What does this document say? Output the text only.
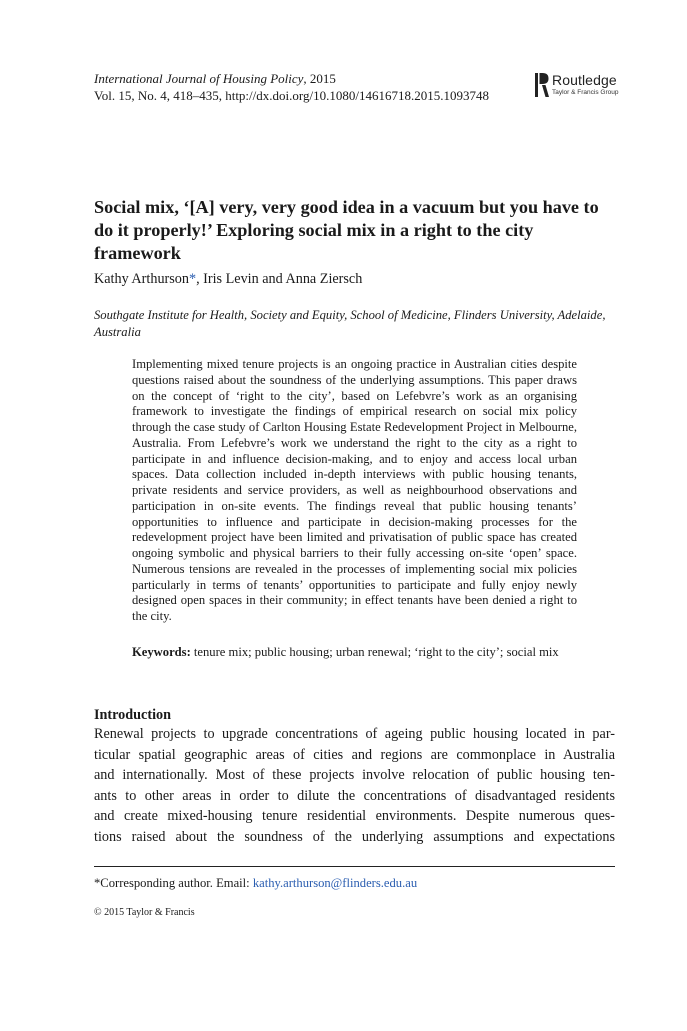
International Journal of Housing Policy, 2015
Vol. 15, No. 4, 418–435, http://dx.doi.org/10.1080/14616718.2015.1093748
Routledge
Taylor & Francis Group
Social mix, ‘[A] very, very good idea in a vacuum but you have to do it properly!’ Exploring social mix in a right to the city framework
Kathy Arthurson*, Iris Levin and Anna Ziersch
Southgate Institute for Health, Society and Equity, School of Medicine, Flinders University, Adelaide, Australia
Implementing mixed tenure projects is an ongoing practice in Australian cities despite questions raised about the soundness of the underlying assumptions. This paper draws on the concept of ‘right to the city’, based on Lefebvre’s work as an organising framework to investigate the findings of empirical research on social mix policy through the case study of Carlton Housing Estate Redevelopment Project in Melbourne, Australia. From Lefebvre’s work we understand the right to the city as a right to participate in and influence decision-making, and to enjoy and access local urban spaces. Data collection included in-depth interviews with public housing tenants, private residents and service providers, as well as neighbourhood observations and participation in on-site events. The findings reveal that public housing tenants’ opportunities to influence and participate in decision-making processes for the redevelopment project have been limited and privatisation of public space has created ongoing symbolic and physical barriers to their fully accessing on-site ‘open’ space. Numerous tensions are revealed in the processes of implementing social mix policies particularly in terms of tenants’ opportunities to participate and fully enjoy newly designed open spaces in their community; in effect tenants have been denied a right to the city.
Keywords: tenure mix; public housing; urban renewal; ‘right to the city’; social mix
Introduction
Renewal projects to upgrade concentrations of ageing public housing located in par-
ticular spatial geographic areas of cities and regions are commonplace in Australia
and internationally. Most of these projects involve relocation of public housing ten-
ants to other areas in order to dilute the concentrations of disadvantaged residents
and create mixed-housing tenure residential environments. Despite numerous ques-
tions raised about the soundness of the underlying assumptions and expectations
*Corresponding author. Email: kathy.arthurson@flinders.edu.au
© 2015 Taylor & Francis
